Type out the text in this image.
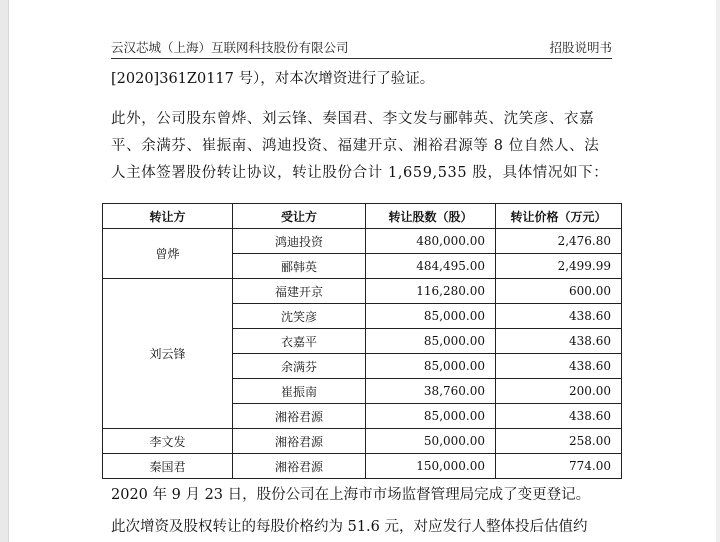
云汉芯城（上海）互联网科技股份有限公司	招股说明书

[2020]361Z0117 号），对本次增资进行了验证。

此外，公司股东曾烨、刘云锋、奏国君、李文发与郦韩英、沈笑彦、衣嘉平、余满芬、崔振南、鸿迪投资、福建开京、湘裕君源等 8 位自然人、法人主体签署股份转让协议，转让股份合计 1,659,535 股，具体情况如下：

转让方	受让方	转让股数（股）	转让价格（万元）
曾烨	鸿迪投资	480,000.00	2,476.80
	郦韩英	484,495.00	2,499.99
刘云锋	福建开京	116,280.00	600.00
	沈笑彦	85,000.00	438.60
	衣嘉平	85,000.00	438.60
	余满芬	85,000.00	438.60
	崔振南	38,760.00	200.00
	湘裕君源	85,000.00	438.60
李文发	湘裕君源	50,000.00	258.00
秦国君	湘裕君源	150,000.00	774.00

2020 年 9 月 23 日，股份公司在上海市市场监督管理局完成了变更登记。

此次增资及股权转让的每股价格约为 51.6 元，对应发行人整体投后估值约
